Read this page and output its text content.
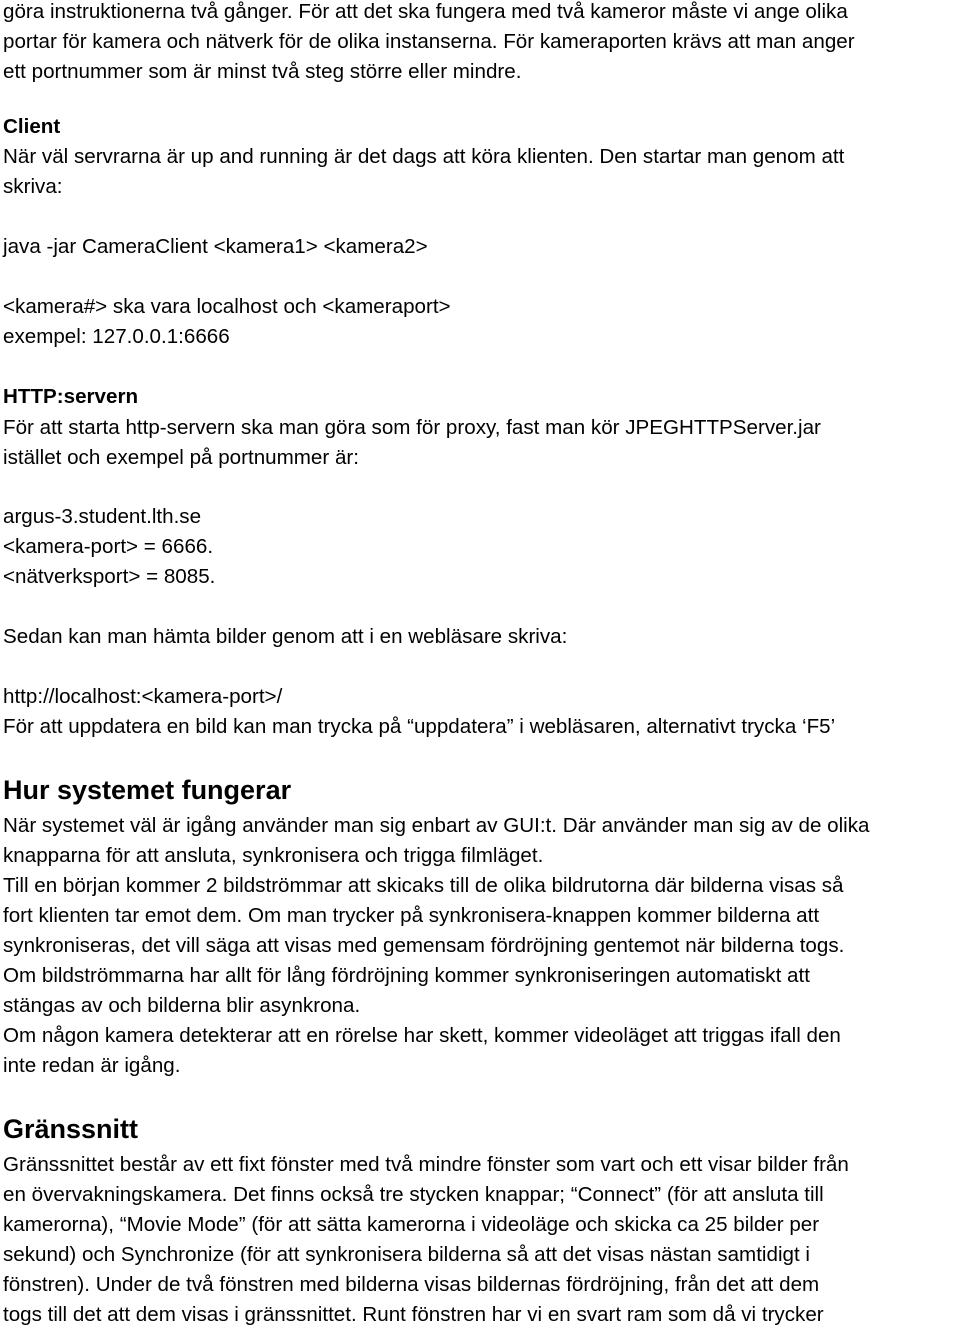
göra instruktionerna två gånger. För att det ska fungera med två kameror måste vi ange olika
portar för kamera och nätverk för de olika instanserna. För kameraporten krävs att man anger
ett portnummer som är minst två steg större eller mindre.
Client
När väl servrarna är up and running är det dags att köra klienten. Den startar man genom att
skriva:
java -jar CameraClient <kamera1> <kamera2>
<kamera#> ska vara localhost och <kameraport>
exempel: 127.0.0.1:6666
HTTP:servern
För att starta http-servern ska man göra som för proxy, fast man kör JPEGHTTPServer.jar
istället och exempel på portnummer är:
argus-3.student.lth.se
<kamera-port> = 6666.
<nätverksport> = 8085.
Sedan kan man hämta bilder genom att i en webläsare skriva:
http://localhost:<kamera-port>/
För att uppdatera en bild kan man trycka på “uppdatera” i webläsaren, alternativt trycka ‘F5’
Hur systemet fungerar
När systemet väl är igång använder man sig enbart av GUI:t. Där använder man sig av de olika
knapparna för att ansluta, synkronisera och trigga filmläget.
Till en början kommer 2 bildströmmar att skicaks till de olika bildrutorna där bilderna visas så
fort klienten tar emot dem. Om man trycker på synkronisera-knappen kommer bilderna att
synkroniseras, det vill säga att visas med gemensam fördröjning gentemot när bilderna togs.
Om bildströmmarna har allt för lång fördröjning kommer synkroniseringen automatiskt att
stängas av och bilderna blir asynkrona.
Om någon kamera detekterar att en rörelse har skett, kommer videoläget att triggas ifall den
inte redan är igång.
Gränssnitt
Gränssnittet består av ett fixt fönster med två mindre fönster som vart och ett visar bilder från
en övervakningskamera. Det finns också tre stycken knappar; “Connect” (för att ansluta till
kamerorna), “Movie Mode” (för att sätta kamerorna i videoläge och skicka ca 25 bilder per
sekund) och Synchronize (för att synkronisera bilderna så att det visas nästan samtidigt i
fönstren). Under de två fönstren med bilderna visas bildernas fördröjning, från det att dem
togs till det att dem visas i gränssnittet. Runt fönstren har vi en svart ram som då vi trycker
